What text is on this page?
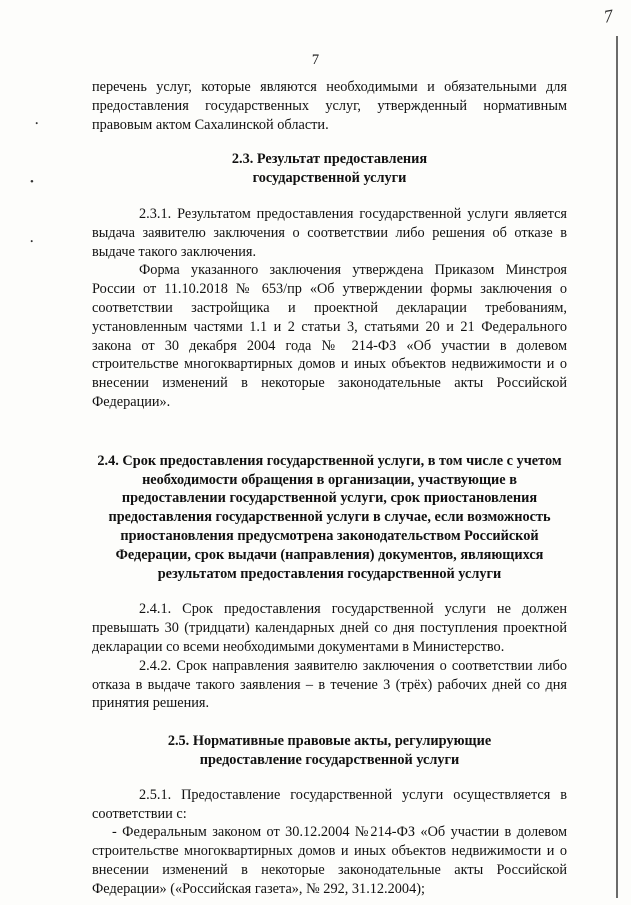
7
ꞏ
•
ꞏ
7

перечень услуг, которые являются необходимыми и обязательными для предоставления государственных услуг, утвержденный нормативным правовым актом Сахалинской области.

2.3. Результат предоставления
государственной услуги

2.3.1. Результатом предоставления государственной услуги является выдача заявителю заключения о соответствии либо решения об отказе в выдаче такого заключения.

Форма указанного заключения утверждена Приказом Минстроя России от 11.10.2018 № 653/пр «Об утверждении формы заключения о соответствии застройщика и проектной декларации требованиям, установленным частями 1.1 и 2 статьи 3, статьями 20 и 21 Федерального закона от 30 декабря 2004 года № 214-ФЗ «Об участии в долевом строительстве многоквартирных домов и иных объектов недвижимости и о внесении изменений в некоторые законодательные акты Российской Федерации».

2.4. Срок предоставления государственной услуги, в том числе с учетом
необходимости обращения в организации, участвующие в
предоставлении государственной услуги, срок приостановления
предоставления государственной услуги в случае, если возможность
приостановления предусмотрена законодательством Российской
Федерации, срок выдачи (направления) документов, являющихся
результатом предоставления государственной услуги

2.4.1. Срок предоставления государственной услуги не должен превышать 30 (тридцати) календарных дней со дня поступления проектной декларации со всеми необходимыми документами в Министерство.

2.4.2. Срок направления заявителю заключения о соответствии либо отказа в выдаче такого заявления – в течение 3 (трёх) рабочих дней со дня принятия решения.

2.5. Нормативные правовые акты, регулирующие
предоставление государственной услуги

2.5.1. Предоставление государственной услуги осуществляется в соответствии с:

- Федеральным законом от 30.12.2004 №214-ФЗ «Об участии в долевом строительстве многоквартирных домов и иных объектов недвижимости и о внесении изменений в некоторые законодательные акты Российской Федерации» («Российская газета», № 292, 31.12.2004);
